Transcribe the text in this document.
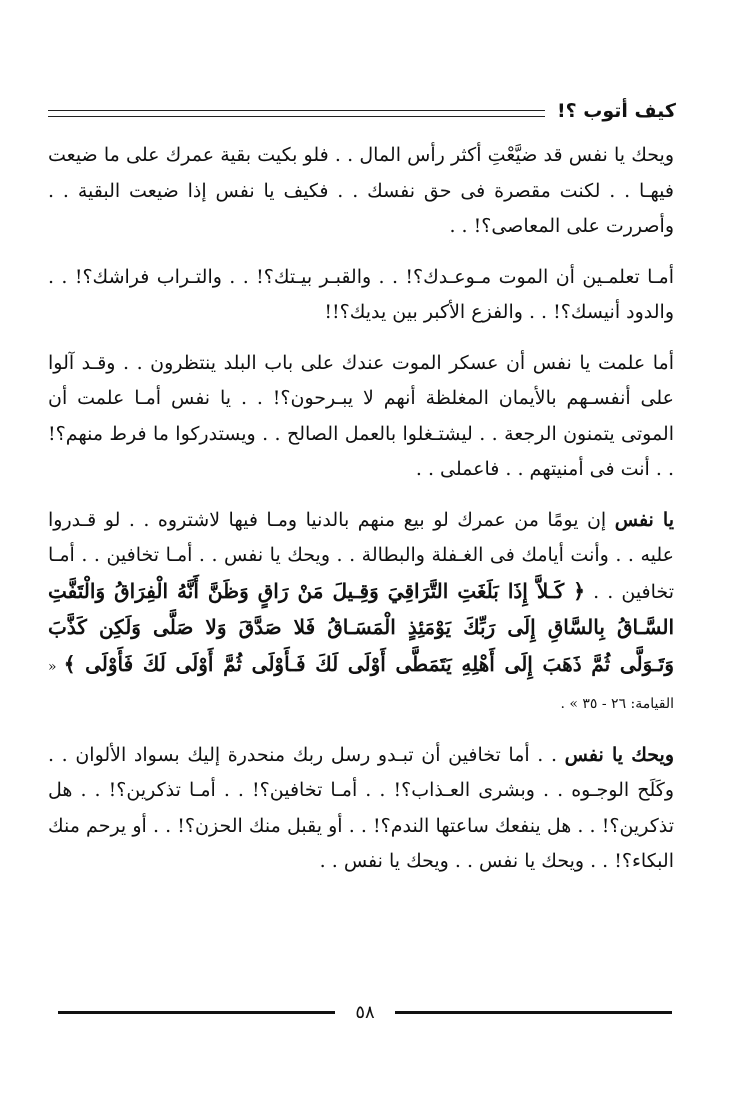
كيف أتوب ؟!

ويحك يا نفس قد ضيَّعْتِ أكثر رأس المال . . فلو بكيت بقية عمرك على ما ضيعت فيهـا . . لكنت مقصرة فى حق نفسك . . فكيف يا نفس إذا ضيعت البقية . . وأصررت على المعاصى؟! . .

أمـا تعلمـين أن الموت مـوعـدك؟! . . والقبـر بيـتك؟! . . والتـراب فراشك؟! . . والدود أنيسك؟! . . والفزع الأكبر بين يديك؟!!

أما علمت يا نفس أن عسكر الموت عندك على باب البلد ينتظرون . . وقـد آلوا على أنفسـهم بالأيمان المغلظة أنهم لا يبـرحون؟! . . يا نفس أمـا علمت أن الموتى يتمنون الرجعة . . ليشتـغلوا بالعمل الصالح . . ويستدركوا ما فرط منهم؟! . . أنت فى أمنيتهم . . فاعملى . .

يا نفس إن يومًا من عمرك لو بيع منهم بالدنيا ومـا فيها لاشتروه . . لو قـدروا عليه . . وأنت أيامك فى الغـفلة والبطالة . . ويحك يا نفس . . أمـا تخافين . . أمـا تخافين . . ﴿ كَـلاَّ إِذَا بَلَغَتِ التَّرَاقِيَ وَقِـيلَ مَنْ رَاقٍ وَظَنَّ أَنَّهُ الْفِرَاقُ وَالْتَفَّتِ السَّـاقُ بِالسَّاقِ إِلَى رَبِّكَ يَوْمَئِذٍ الْمَسَـاقُ فَلا صَدَّقَ وَلا صَلَّى وَلَكِن كَذَّبَ وَتَـوَلَّى ثُمَّ ذَهَبَ إِلَى أَهْلِهِ يَتَمَطَّى أَوْلَى لَكَ فَـأَوْلَى ثُمَّ أَوْلَى لَكَ فَأَوْلَى ﴾ « القيامة: ٢٦ - ٣٥ » .

ويحك يا نفس . . أما تخافين أن تبـدو رسل ربك منحدرة إليك بسواد الألوان . . وكَلَح الوجـوه . . وبشرى العـذاب؟! . . أمـا تخافين؟! . . أمـا تذكرين؟! . . هل تذكرين؟! . . هل ينفعك ساعتها الندم؟! . . أو يقبل منك الحزن؟! . . أو يرحم منك البكاء؟! . . ويحك يا نفس . . ويحك يا نفس . .

٥٨
